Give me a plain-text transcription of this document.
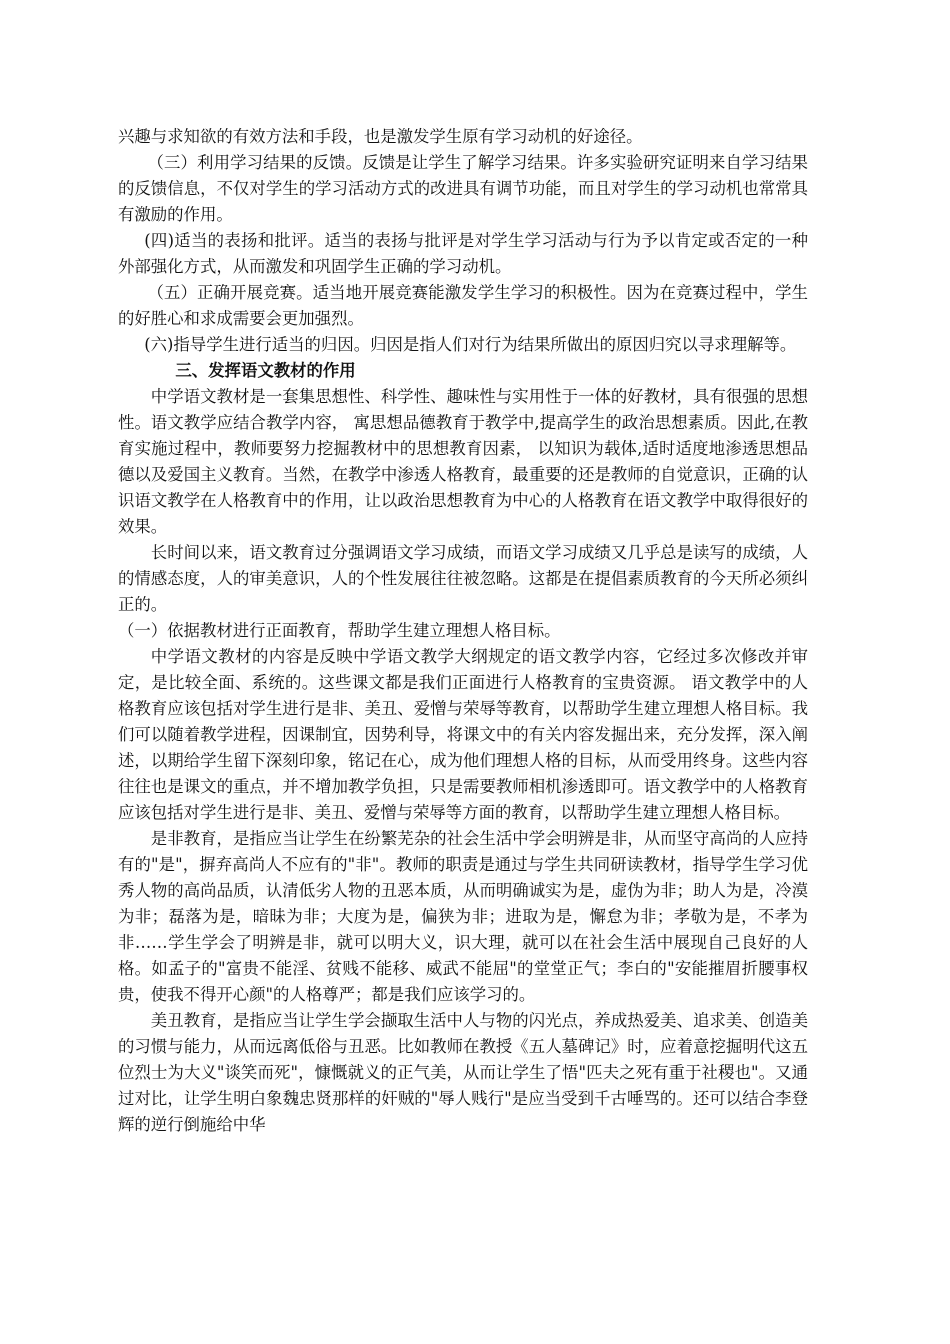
兴趣与求知欲的有效方法和手段，也是激发学生原有学习动机的好途径。

（三）利用学习结果的反馈。反馈是让学生了解学习结果。许多实验研究证明来自学习结果的反馈信息，不仅对学生的学习活动方式的改进具有调节功能，而且对学生的学习动机也常常具有激励的作用。

(四)适当的表扬和批评。适当的表扬与批评是对学生学习活动与行为予以肯定或否定的一种外部强化方式，从而激发和巩固学生正确的学习动机。

（五）正确开展竞赛。适当地开展竞赛能激发学生学习的积极性。因为在竞赛过程中，学生的好胜心和求成需要会更加强烈。

(六)指导学生进行适当的归因。归因是指人们对行为结果所做出的原因归究以寻求理解等。

三、发挥语文教材的作用

中学语文教材是一套集思想性、科学性、趣味性与实用性于一体的好教材，具有很强的思想性。语文教学应结合教学内容， 寓思想品德教育于教学中,提高学生的政治思想素质。因此,在教育实施过程中，教师要努力挖掘教材中的思想教育因素， 以知识为载体,适时适度地渗透思想品德以及爱国主义教育。当然，在教学中渗透人格教育，最重要的还是教师的自觉意识，正确的认识语文教学在人格教育中的作用，让以政治思想教育为中心的人格教育在语文教学中取得很好的效果。

长时间以来，语文教育过分强调语文学习成绩，而语文学习成绩又几乎总是读写的成绩，人的情感态度，人的审美意识，人的个性发展往往被忽略。这都是在提倡素质教育的今天所必须纠正的。

（一）依据教材进行正面教育，帮助学生建立理想人格目标。

中学语文教材的内容是反映中学语文教学大纲规定的语文教学内容，它经过多次修改并审定，是比较全面、系统的。这些课文都是我们正面进行人格教育的宝贵资源。 语文教学中的人格教育应该包括对学生进行是非、美丑、爱憎与荣辱等教育，以帮助学生建立理想人格目标。我们可以随着教学进程，因课制宜，因势利导，将课文中的有关内容发掘出来，充分发挥，深入阐述，以期给学生留下深刻印象，铭记在心，成为他们理想人格的目标，从而受用终身。这些内容往往也是课文的重点，并不增加教学负担，只是需要教师相机渗透即可。语文教学中的人格教育应该包括对学生进行是非、美丑、爱憎与荣辱等方面的教育，以帮助学生建立理想人格目标。

是非教育，是指应当让学生在纷繁芜杂的社会生活中学会明辨是非，从而坚守高尚的人应持有的"是"，摒弃高尚人不应有的"非"。教师的职责是通过与学生共同研读教材，指导学生学习优秀人物的高尚品质，认清低劣人物的丑恶本质，从而明确诚实为是，虚伪为非；助人为是，冷漠为非；磊落为是，暗昧为非；大度为是，偏狭为非；进取为是，懈怠为非；孝敬为是，不孝为非……学生学会了明辨是非，就可以明大义，识大理，就可以在社会生活中展现自己良好的人格。如孟子的"富贵不能淫、贫贱不能移、威武不能屈"的堂堂正气；李白的"安能摧眉折腰事权贵，使我不得开心颜"的人格尊严；都是我们应该学习的。

美丑教育，是指应当让学生学会撷取生活中人与物的闪光点，养成热爱美、追求美、创造美的习惯与能力，从而远离低俗与丑恶。比如教师在教授《五人墓碑记》时，应着意挖掘明代这五位烈士为大义"谈笑而死"，慷慨就义的正气美，从而让学生了悟"匹夫之死有重于社稷也"。又通过对比，让学生明白象魏忠贤那样的奸贼的"辱人贱行"是应当受到千古唾骂的。还可以结合李登辉的逆行倒施给中华
